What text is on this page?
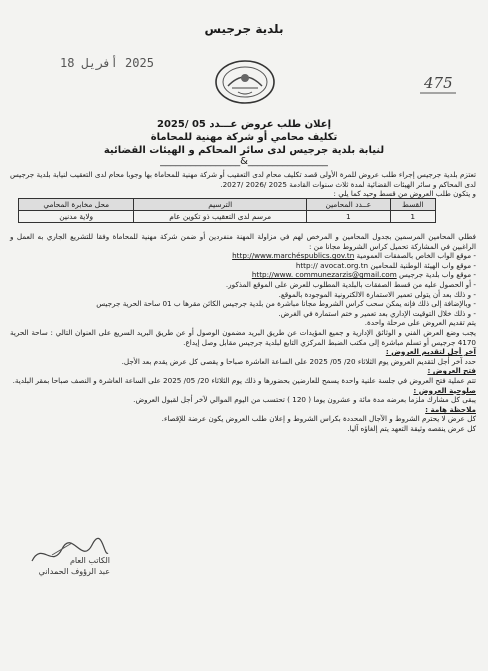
بلدية جرجيس
2025 أفريل 18
475
إعلان طلب عروض عـــدد 05 /2025
تكليف محامي أو شركة مهنية للمحاماة
لنيابة بلدية جرجيس لدى سائر المحاكم و الهيئات القضائية
________________&________________
تعتزم بلدية جرجيس إجراء طلب عروض للمرة الأولى قصد تكليف محام لدى التعقيب أو شركة مهنية للمحاماة بها وجوبا محام لدى التعقيب لنيابة بلدية جرجيس لدى المحاكم و سائر الهيئات القضائية لمدة ثلاث سنوات القادمة 2025 /2026 /2027.
و يتكون طلب العروض من قسط وحيد كما يلي :
القسط	عــدد المحامين	الترسيم	محل مخابرة المحامي
1	1	مرسم لدى التعقيب ذو تكوين عام	ولاية مدنين
فطلي المحامين المرسمين بجدول المحامين و المرخص لهم في مزاولة المهنة منفردين أو ضمن شركة مهنية للمحاماة وفقا للتشريع الجاري به العمل و الراغبين في المشاركة تحميل كراس الشروط مجانا من :
- موقع الواب الخاص بالصفقات العمومية http://www.marchéspublics.gov.tn
- موقع واب الهيئة الوطنية للمحامين http:// avocat.org.tn
- موقع واب بلدية جرجيس http://www. communezarzis@gmail.com
- أو الحصول عليه من قسط الصفقات بالبلدية المطلوب للعرض على الموقع المذكور.
- و ذلك بعد أن يتولى تعمير الاستمارة الالكترونية الموجودة بالموقع.
- وبالإضافة إلى ذلك فإنه يمكن سحب كراس الشروط مجانا مباشرة من بلدية جرجيس الكائن مقرها ب 01 ساحة الحرية جرجيس
- و ذلك خلال التوقيت الإداري بعد تعمير و ختم استمارة في الغرض.
يتم تقديم العروض على مرحلة واحدة.
يجب وضع العرض الفني و الوثائق الإدارية و جميع المؤيدات عن طريق البريد مضمون الوصول أو عن طريق البريد السريع على العنوان التالي : ساحة الحرية 4170 جرجيس أو تسلم مباشرة إلى مكتب الضبط المركزي التابع لبلدية جرجيس مقابل وصل إيداع.
آخر أجل لتقديم العروض :
حدد آخر أجل لتقديم العروض يوم الثلاثاء 20/ 05/ 2025 على الساعة العاشرة صباحا و يقصى كل عرض يقدم بعد الأجل.
فتح العروض :
تتم عملية فتح العروض في جلسة علنية واحدة يسمح للعارضين بحضورها و ذلك يوم الثلاثاء 20/ 05/ 2025 على الساعة العاشرة و النصف صباحا بمقر البلدية.
صلوحية العروض :
يبقى كل مشارك ملزما بعرضه مدة مائة و عشرون يوما ( 120 ) تحتسب من اليوم الموالي لآخر أجل لقبول العروض.
ملاحظة هامة :
كل عرض لا يحترم الشروط و الآجال المحددة بكراس الشروط و إعلان طلب العروض يكون عرضة للإقصاء.
كل عرض ينقصه وثيقة التعهد يتم إلغاؤه آليا.
الكاتب العام
عبد الرؤوف الحمداني
